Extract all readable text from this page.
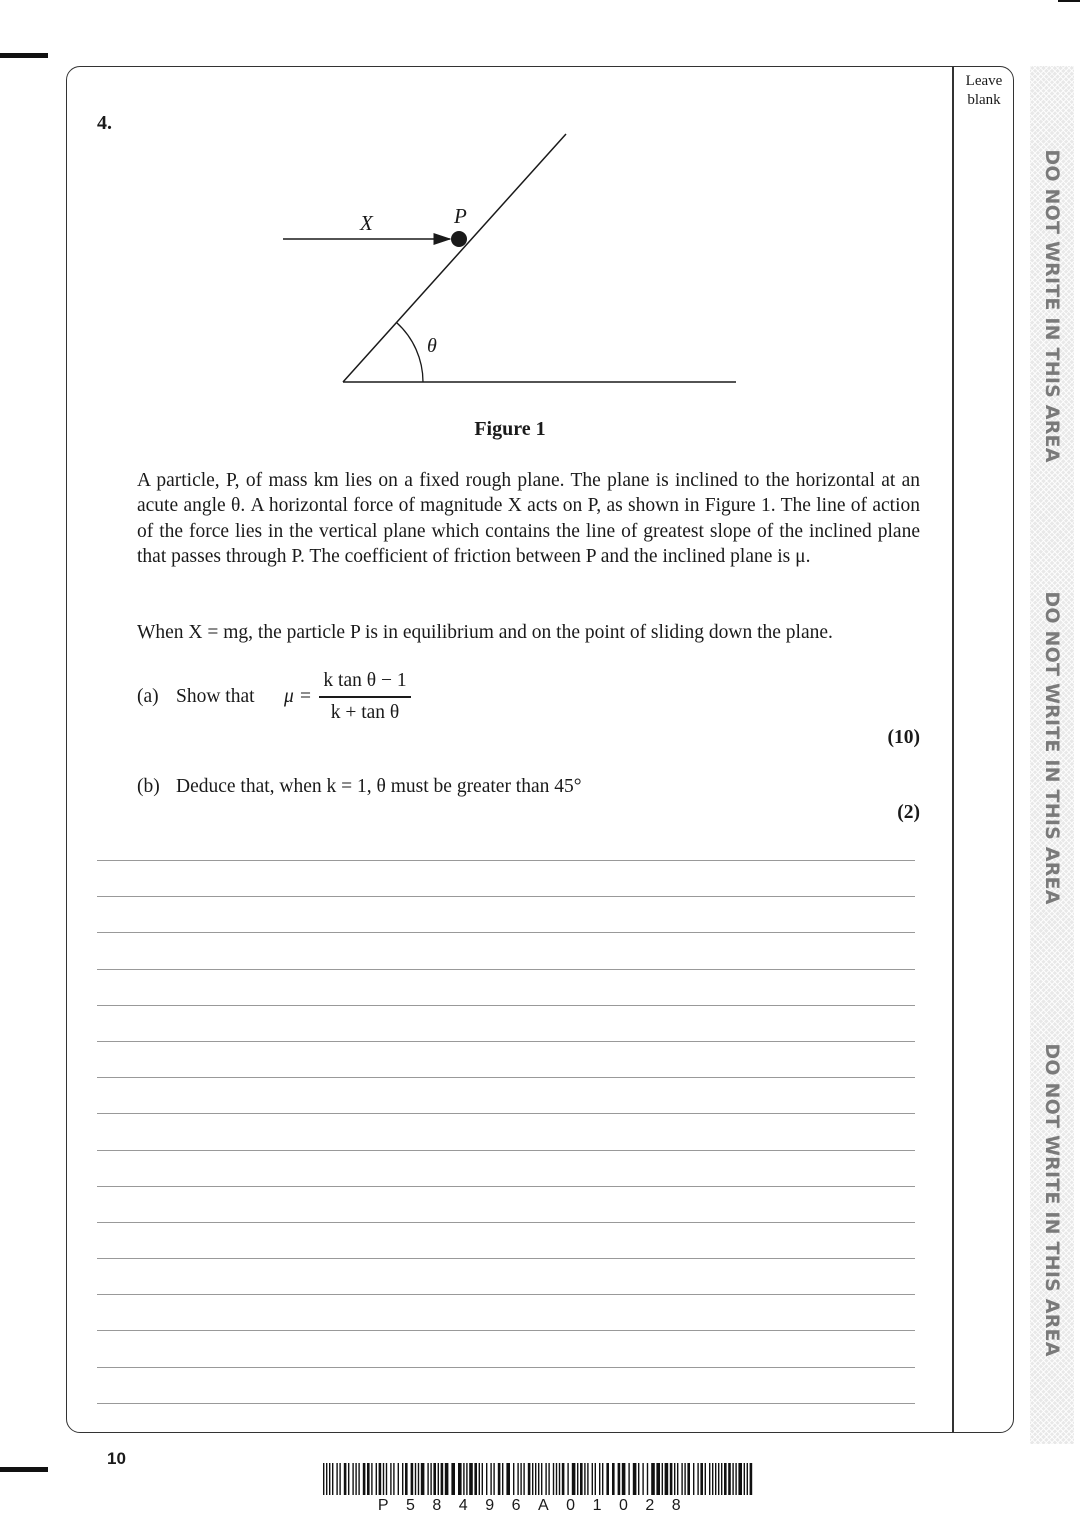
Leave blank
DO NOT WRITE IN THIS AREA
DO NOT WRITE IN THIS AREA
DO NOT WRITE IN THIS AREA
4.
X	P
θ
Figure 1
A particle, P, of mass km lies on a fixed rough plane. The plane is inclined to the horizontal at an acute angle θ. A horizontal force of magnitude X acts on P, as shown in Figure 1. The line of action of the force lies in the vertical plane which contains the line of greatest slope of the inclined plane that passes through P. The coefficient of friction between P and the inclined plane is μ.
When X = mg, the particle P is in equilibrium and on the point of sliding down the plane.
(a) Show that μ =
k tan θ − 1
k + tan θ
(10)
(b) Deduce that, when k = 1, θ must be greater than 45°
(2)
10
P58496A01028
